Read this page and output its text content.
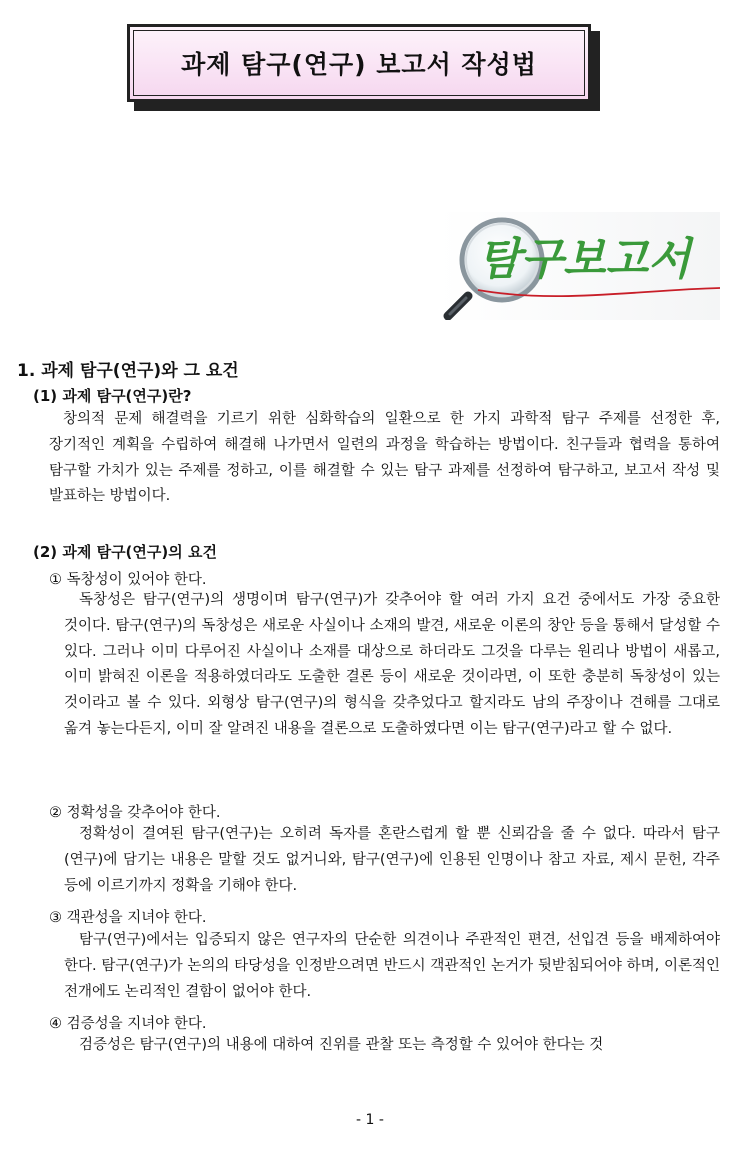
과제 탐구(연구) 보고서 작성법
탐구보고서
1. 과제 탐구(연구)와 그 요건
(1) 과제 탐구(연구)란?

창의적 문제 해결력을 기르기 위한 심화학습의 일환으로 한 가지 과학적 탐구 주제를 선정한 후, 장기적인 계획을 수립하여 해결해 나가면서 일련의 과정을 학습하는 방법이다. 친구들과 협력을 통하여 탐구할 가치가 있는 주제를 정하고, 이를 해결할 수 있는 탐구 과제를 선정하여 탐구하고, 보고서 작성 및 발표하는 방법이다.

(2) 과제 탐구(연구)의 요건

① 독창성이 있어야 한다.

독창성은 탐구(연구)의 생명이며 탐구(연구)가 갖추어야 할 여러 가지 요건 중에서도 가장 중요한 것이다. 탐구(연구)의 독창성은 새로운 사실이나 소재의 발견, 새로운 이론의 창안 등을 통해서 달성할 수 있다. 그러나 이미 다루어진 사실이나 소재를 대상으로 하더라도 그것을 다루는 원리나 방법이 새롭고, 이미 밝혀진 이론을 적용하였더라도 도출한 결론 등이 새로운 것이라면, 이 또한 충분히 독창성이 있는 것이라고 볼 수 있다. 외형상 탐구(연구)의 형식을 갖추었다고 할지라도 남의 주장이나 견해를 그대로 옮겨 놓는다든지, 이미 잘 알려진 내용을 결론으로 도출하였다면 이는 탐구(연구)라고 할 수 없다.

② 정확성을 갖추어야 한다.

정확성이 결여된 탐구(연구)는 오히려 독자를 혼란스럽게 할 뿐 신뢰감을 줄 수 없다. 따라서 탐구(연구)에 담기는 내용은 말할 것도 없거니와, 탐구(연구)에 인용된 인명이나 참고 자료, 제시 문헌, 각주 등에 이르기까지 정확을 기해야 한다.

③ 객관성을 지녀야 한다.

탐구(연구)에서는 입증되지 않은 연구자의 단순한 의견이나 주관적인 편견, 선입견 등을 배제하여야 한다. 탐구(연구)가 논의의 타당성을 인정받으려면 반드시 객관적인 논거가 뒷받침되어야 하며, 이론적인 전개에도 논리적인 결함이 없어야 한다.

④ 검증성을 지녀야 한다.

검증성은 탐구(연구)의 내용에 대하여 진위를 관찰 또는 측정할 수 있어야 한다는 것

- 1 -
